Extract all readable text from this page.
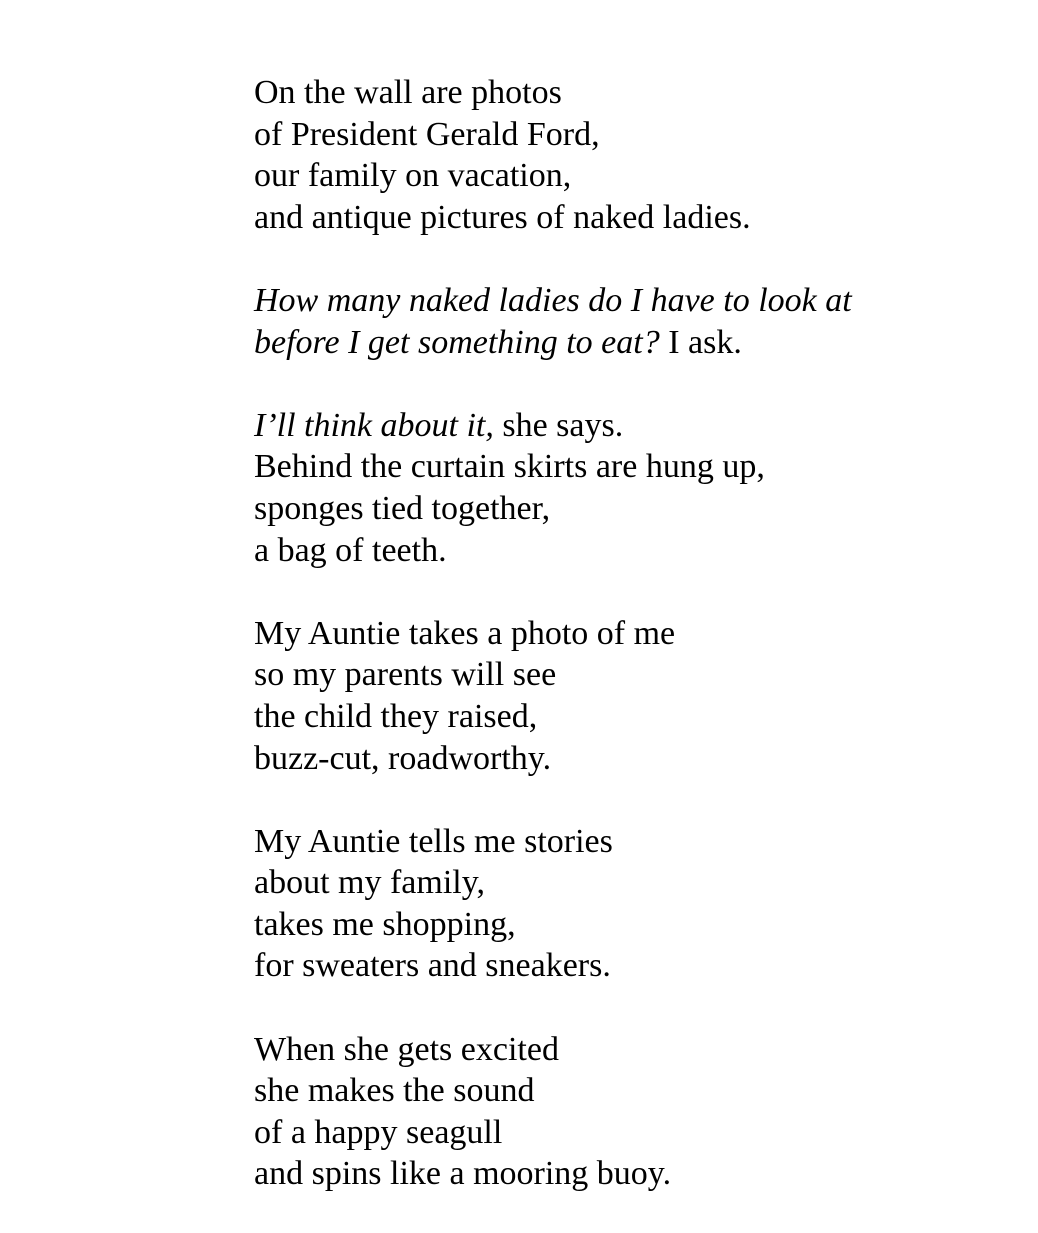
On the wall are photos
of President Gerald Ford,
our family on vacation,
and antique pictures of naked ladies.
How many naked ladies do I have to look at
before I get something to eat? I ask.
I’ll think about it, she says.
Behind the curtain skirts are hung up,
sponges tied together,
a bag of teeth.
My Auntie takes a photo of me
so my parents will see
the child they raised,
buzz-cut, roadworthy.
My Auntie tells me stories
about my family,
takes me shopping,
for sweaters and sneakers.
When she gets excited
she makes the sound
of a happy seagull
and spins like a mooring buoy.
